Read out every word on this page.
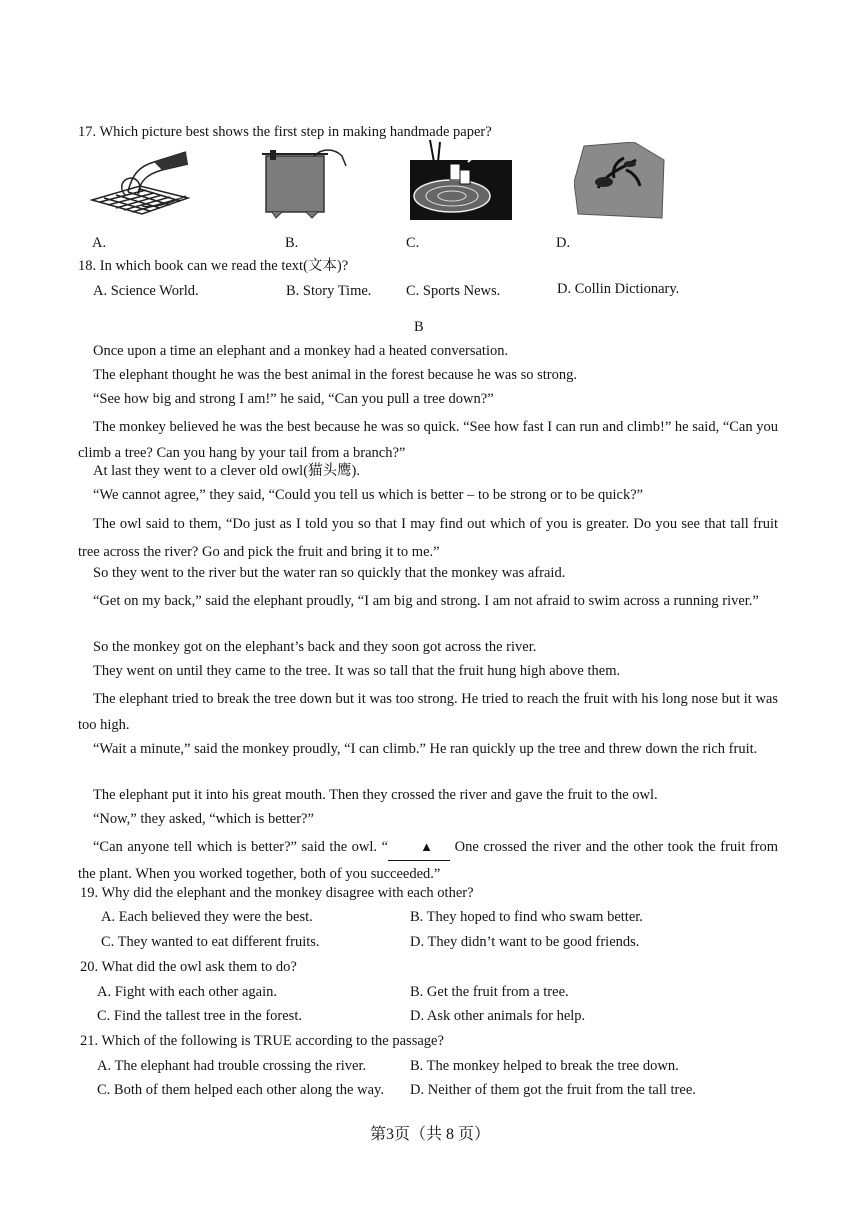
17. Which picture best shows the first step in making handmade paper?
A.	B.	C.	D.
18. In which book can we read the text(文本)?
A. Science World.	B. Story Time. C. Sports News.	D. Collin Dictionary.
B
Once upon a time an elephant and a monkey had a heated conversation.
The elephant thought he was the best animal in the forest because he was so strong.
“See how big and strong I am!” he said, “Can you pull a tree down?”
The monkey believed he was the best because he was so quick. “See how fast I can run and climb!” he said, “Can you climb a tree? Can you hang by your tail from a branch?”
At last they went to a clever old owl(猫头鹰).
“We cannot agree,” they said, “Could you tell us which is better – to be strong or to be quick?”
The owl said to them, “Do just as I told you so that I may find out which of you is greater. Do you see that tall fruit tree across the river? Go and pick the fruit and bring it to me.”
So they went to the river but the water ran so quickly that the monkey was afraid.
“Get on my back,” said the elephant proudly, “I am big and strong. I am not afraid to swim across a running river.”
So the monkey got on the elephant’s back and they soon got across the river.
They went on until they came to the tree. It was so tall that the fruit hung high above them.
The elephant tried to break the tree down but it was too strong. He tried to reach the fruit with his long nose but it was too high.
“Wait a minute,” said the monkey proudly, “I can climb.” He ran quickly up the tree and threw down the rich fruit.
The elephant put it into his great mouth. Then they crossed the river and gave the fruit to the owl.
“Now,” they asked, “which is better?”
“Can anyone tell which is better?” said the owl. “ ▲ One crossed the river and the other took the fruit from the plant. When you worked together, both of you succeeded.”
19. Why did the elephant and the monkey disagree with each other?
A. Each believed they were the best.	B. They hoped to find who swam better.
C. They wanted to eat different fruits.	D. They didn’t want to be good friends.
20. What did the owl ask them to do?
A. Fight with each other again.	B. Get the fruit from a tree.
C. Find the tallest tree in the forest.	D. Ask other animals for help.
21. Which of the following is TRUE according to the passage?
A. The elephant had trouble crossing the river.	B. The monkey helped to break the tree down.
C. Both of them helped each other along the way. D. Neither of them got the fruit from the tall tree.
第3页（共 8 页）
